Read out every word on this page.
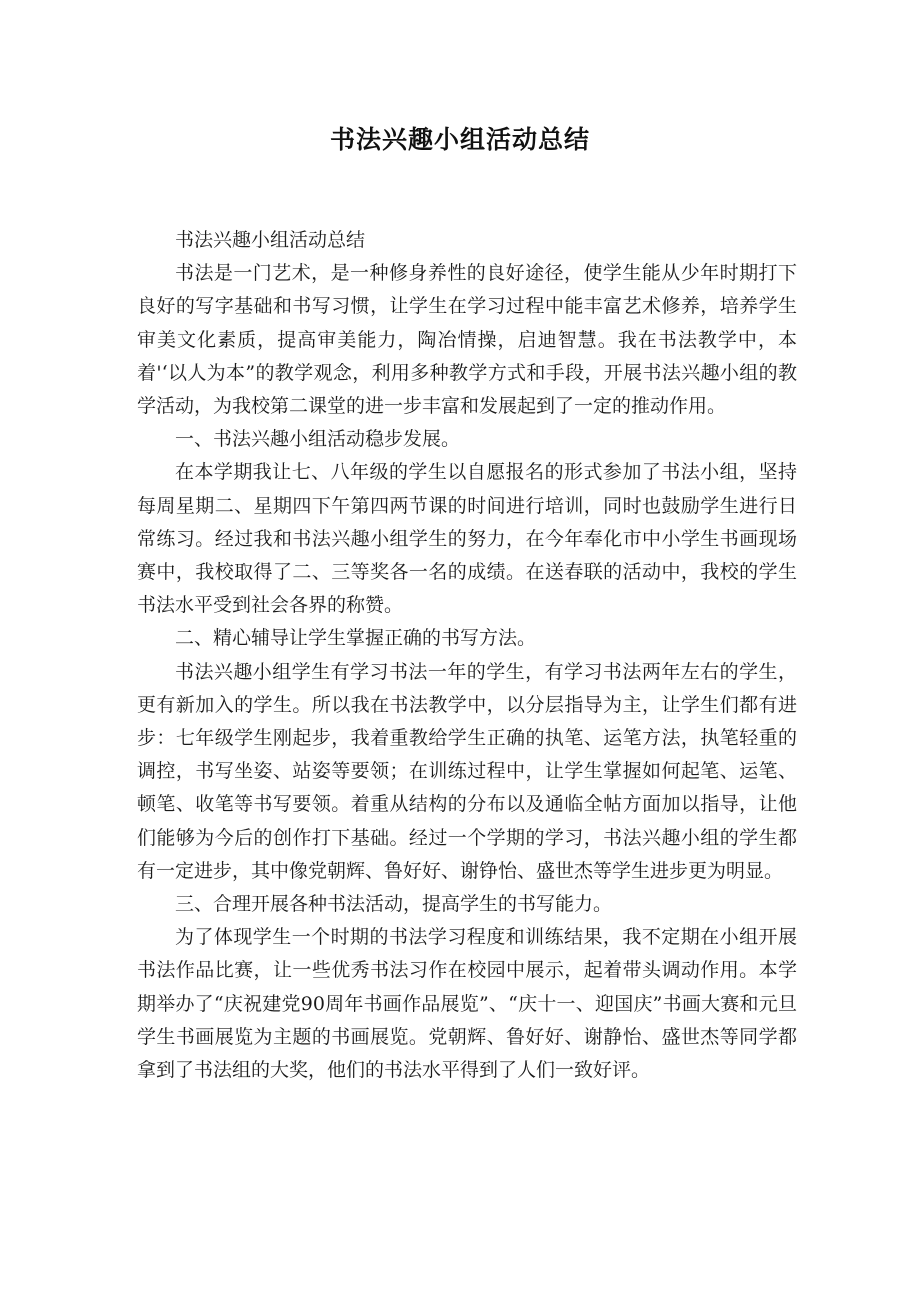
书法兴趣小组活动总结

书法兴趣小组活动总结

书法是一门艺术，是一种修身养性的良好途径，使学生能从少年时期打下良好的写字基础和书写习惯，让学生在学习过程中能丰富艺术修养，培养学生审美文化素质，提高审美能力，陶冶情操，启迪智慧。我在书法教学中，本着'‘以人为本”的教学观念，利用多种教学方式和手段，开展书法兴趣小组的教学活动，为我校第二课堂的进一步丰富和发展起到了一定的推动作用。

一、书法兴趣小组活动稳步发展。

在本学期我让七、八年级的学生以自愿报名的形式参加了书法小组，坚持每周星期二、星期四下午第四两节课的时间进行培训，同时也鼓励学生进行日常练习。经过我和书法兴趣小组学生的努力，在今年奉化市中小学生书画现场赛中，我校取得了二、三等奖各一名的成绩。在送春联的活动中，我校的学生书法水平受到社会各界的称赞。

二、精心辅导让学生掌握正确的书写方法。

书法兴趣小组学生有学习书法一年的学生，有学习书法两年左右的学生，更有新加入的学生。所以我在书法教学中，以分层指导为主，让学生们都有进步：七年级学生刚起步，我着重教给学生正确的执笔、运笔方法，执笔轻重的调控，书写坐姿、站姿等要领；在训练过程中，让学生掌握如何起笔、运笔、顿笔、收笔等书写要领。着重从结构的分布以及通临全帖方面加以指导，让他们能够为今后的创作打下基础。经过一个学期的学习，书法兴趣小组的学生都有一定进步，其中像党朝辉、鲁好好、谢铮怡、盛世杰等学生进步更为明显。

三、合理开展各种书法活动，提高学生的书写能力。

为了体现学生一个时期的书法学习程度和训练结果，我不定期在小组开展书法作品比赛，让一些优秀书法习作在校园中展示，起着带头调动作用。本学期举办了“庆祝建党90周年书画作品展览”、“庆十一、迎国庆”书画大赛和元旦学生书画展览为主题的书画展览。党朝辉、鲁好好、谢静怡、盛世杰等同学都拿到了书法组的大奖，他们的书法水平得到了人们一致好评。
